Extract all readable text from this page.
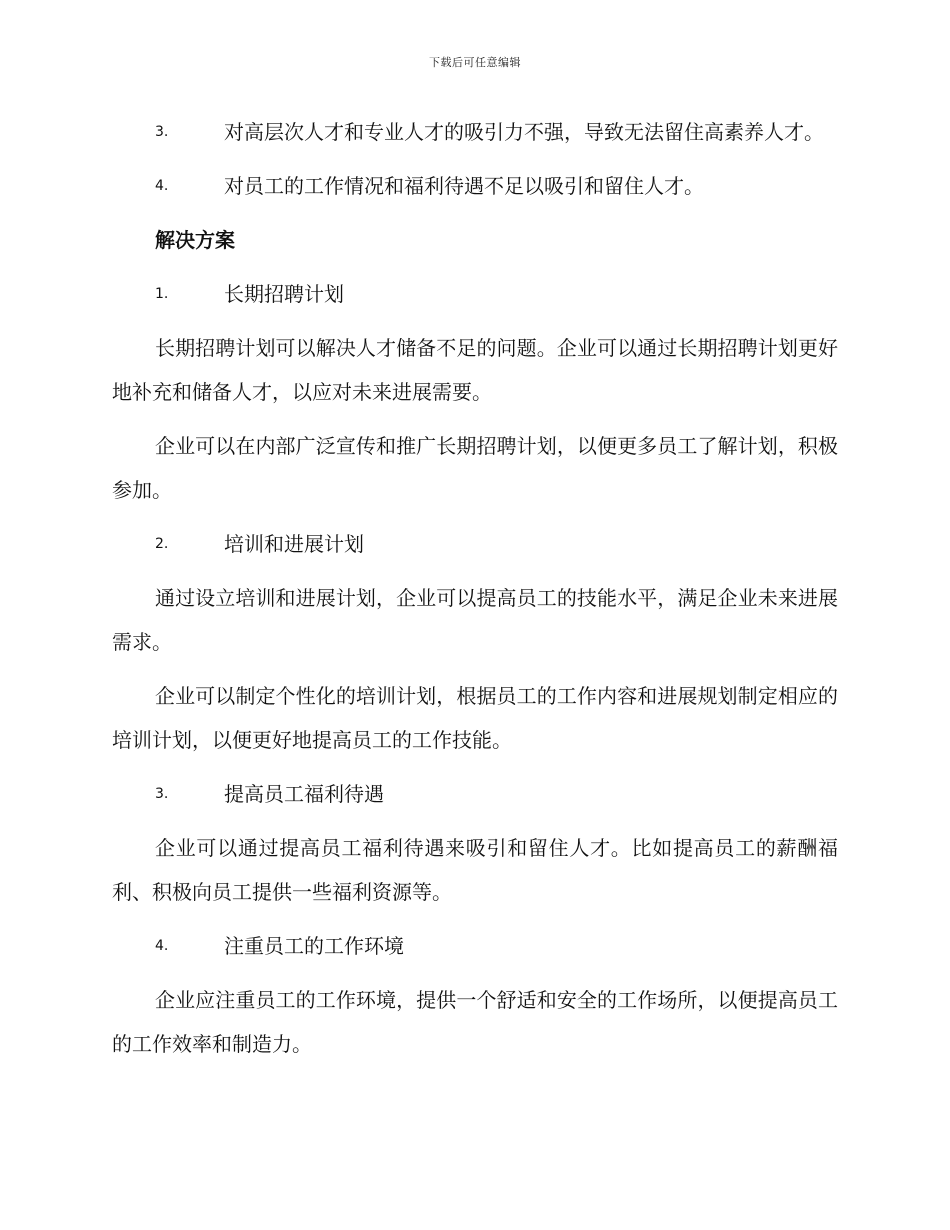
下载后可任意编辑
3.	对高层次人才和专业人才的吸引力不强，导致无法留住高素养人才。
4.	对员工的工作情况和福利待遇不足以吸引和留住人才。
解决方案
1.	长期招聘计划
长期招聘计划可以解决人才储备不足的问题。企业可以通过长期招聘计划更好地补充和储备人才，以应对未来进展需要。
企业可以在内部广泛宣传和推广长期招聘计划，以便更多员工了解计划，积极参加。
2.	培训和进展计划
通过设立培训和进展计划，企业可以提高员工的技能水平，满足企业未来进展需求。
企业可以制定个性化的培训计划，根据员工的工作内容和进展规划制定相应的培训计划，以便更好地提高员工的工作技能。
3.	提高员工福利待遇
企业可以通过提高员工福利待遇来吸引和留住人才。比如提高员工的薪酬福利、积极向员工提供一些福利资源等。
4.	注重员工的工作环境
企业应注重员工的工作环境，提供一个舒适和安全的工作场所，以便提高员工的工作效率和制造力。
